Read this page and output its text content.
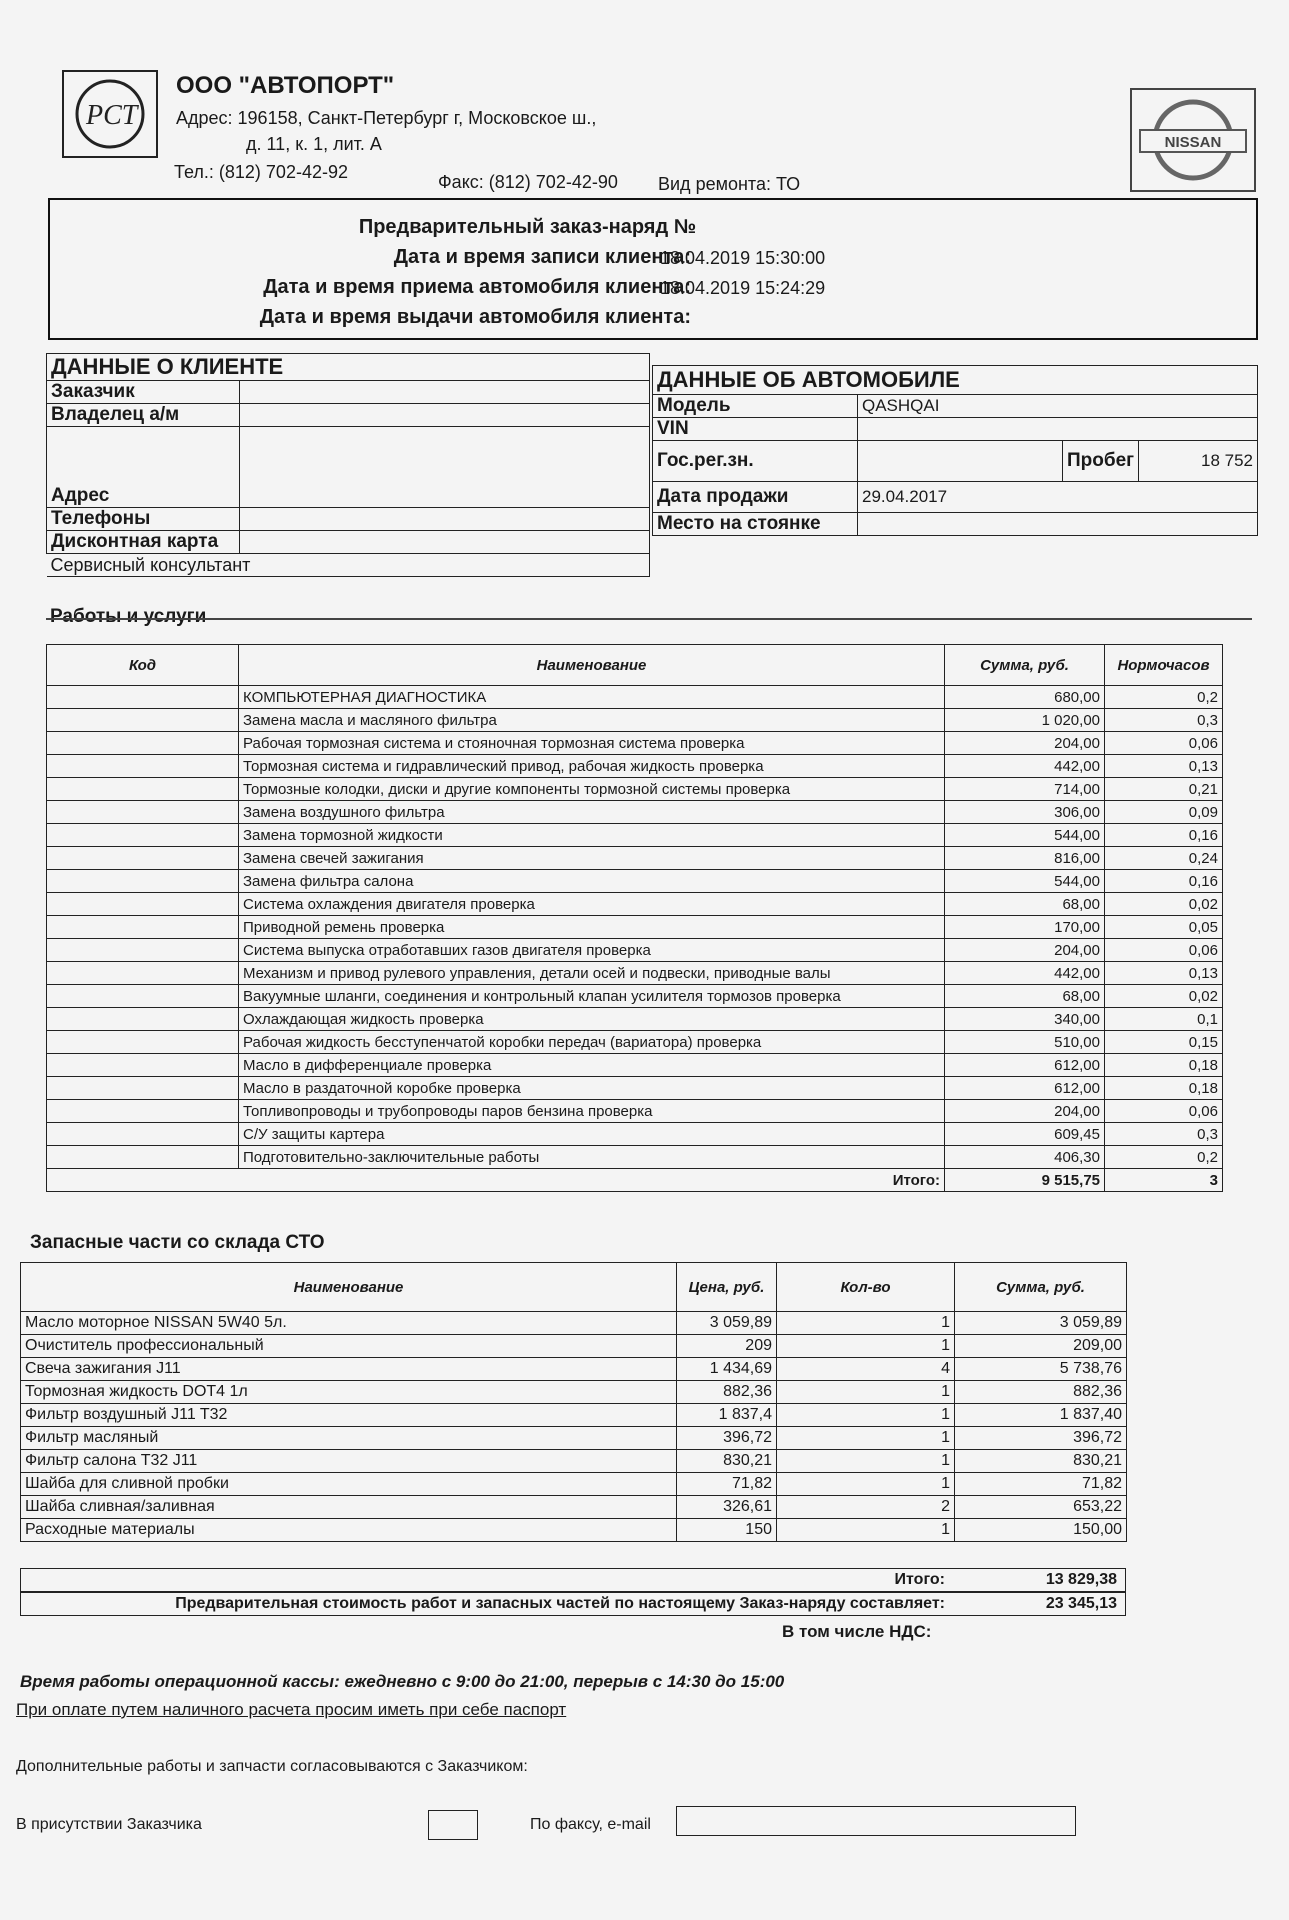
РСТ
NISSAN
ООО "АВТОПОРТ"
Адрес: 196158, Санкт-Петербург г, Московское ш.,
д. 11, к. 1, лит. А
Тел.: (812) 702-42-92	Факс: (812) 702-42-90 Вид ремонта: ТО
Предварительный заказ-наряд №
Дата и время записи клиента:
18.04.2019 15:30:00
Дата и время приема автомобиля клиента:
18.04.2019 15:24:29
Дата и время выдачи автомобиля клиента:
ДАННЫЕ О КЛИЕНТЕ	
Заказчик	
Владелец а/м	
Адрес	
Телефоны	
Дисконтная карта	
Сервисный консультант	
ДАННЫЕ ОБ АВТОМОБИЛЕ			
Модель	QASHQAI		
VIN			
Гос.рег.зн.		Пробег	18 752
Дата продажи	29.04.2017		
Место на стоянке			
Работы и услуги
Код	Наименование	Сумма, руб.	Нормочасов
	КОМПЬЮТЕРНАЯ ДИАГНОСТИКА	680,00	0,2
	Замена масла и масляного фильтра	1 020,00	0,3
	Рабочая тормозная система и стояночная тормозная система проверка	204,00	0,06
	Тормозная система и гидравлический привод, рабочая жидкость проверка	442,00	0,13
	Тормозные колодки, диски и другие компоненты тормозной системы проверка	714,00	0,21
	Замена воздушного фильтра	306,00	0,09
	Замена тормозной жидкости	544,00	0,16
	Замена свечей зажигания	816,00	0,24
	Замена фильтра салона	544,00	0,16
	Система охлаждения двигателя проверка	68,00	0,02
	Приводной ремень проверка	170,00	0,05
	Система выпуска отработавших газов двигателя проверка	204,00	0,06
	Механизм и привод рулевого управления, детали осей и подвески, приводные валы	442,00	0,13
	Вакуумные шланги, соединения и контрольный клапан усилителя тормозов проверка	68,00	0,02
	Охлаждающая жидкость проверка	340,00	0,1
	Рабочая жидкость бесступенчатой коробки передач (вариатора) проверка	510,00	0,15
	Масло в дифференциале проверка	612,00	0,18
	Масло в раздаточной коробке проверка	612,00	0,18
	Топливопроводы и трубопроводы паров бензина проверка	204,00	0,06
	С/У защиты картера	609,45	0,3
	Подготовительно-заключительные работы	406,30	0,2
Итого:		9 515,75	3
Запасные части со склада СТО
Наименование	Цена, руб.	Кол-во	Сумма, руб.
Масло моторное NISSAN 5W40 5л.	3 059,89	1	3 059,89
Очиститель профессиональный	209	1	209,00
Свеча зажигания J11	1 434,69	4	5 738,76
Тормозная жидкость DOT4 1л	882,36	1	882,36
Фильтр воздушный J11 T32	1 837,4	1	1 837,40
Фильтр масляный	396,72	1	396,72
Фильтр салона T32 J11	830,21	1	830,21
Шайба для сливной пробки	71,82	1	71,82
Шайба сливная/заливная	326,61	2	653,22
Расходные материалы	150	1	150,00
Итого:	13 829,38
Предварительная стоимость работ и запасных частей по настоящему Заказ-наряду составляет:	23 345,13
В том числе НДС:
Время работы операционной кассы: ежедневно с 9:00 до 21:00, перерыв с 14:30 до 15:00
При оплате путем наличного расчета просим иметь при себе паспорт
Дополнительные работы и запчасти согласовываются с Заказчиком:
В присутствии Заказчика	По факсу, e-mail
